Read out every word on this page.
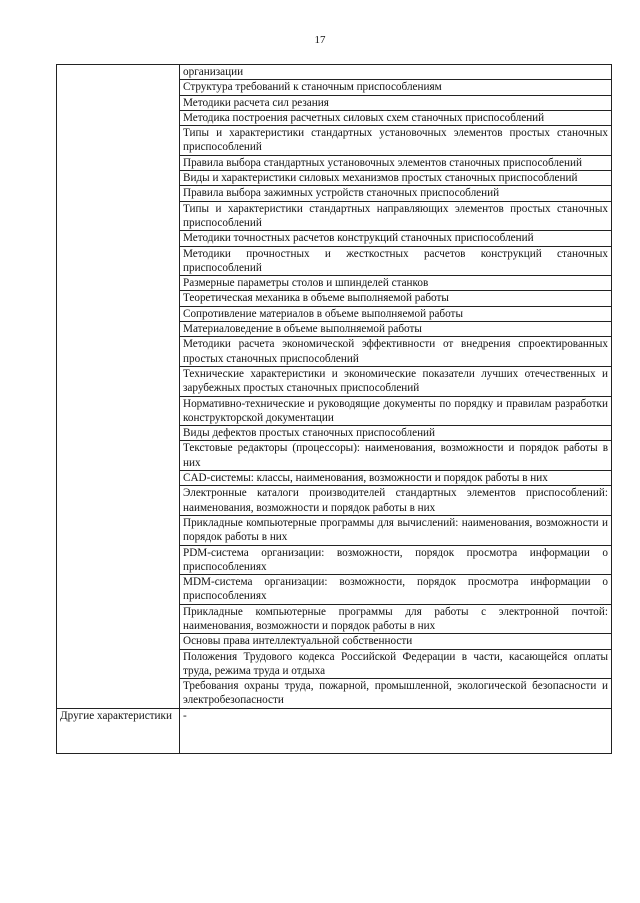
17
	организации
	Структура требований к станочным приспособлениям
	Методики расчета сил резания
	Методика построения расчетных силовых схем станочных приспособлений
	Типы и характеристики стандартных установочных элементов простых станочных приспособлений
	Правила выбора стандартных установочных элементов станочных приспособлений
	Виды и характеристики силовых механизмов простых станочных приспособлений
	Правила выбора зажимных устройств станочных приспособлений
	Типы и характеристики стандартных направляющих элементов простых станочных приспособлений
	Методики точностных расчетов конструкций станочных приспособлений
	Методики прочностных и жесткостных расчетов конструкций станочных приспособлений
	Размерные параметры столов и шпинделей станков
	Теоретическая механика в объеме выполняемой работы
	Сопротивление материалов в объеме выполняемой работы
	Материаловедение в объеме выполняемой работы
	Методики расчета экономической эффективности от внедрения спроектированных простых станочных приспособлений
	Технические характеристики и экономические показатели лучших отечественных и зарубежных простых станочных приспособлений
	Нормативно-технические и руководящие документы по порядку и правилам разработки конструкторской документации
	Виды дефектов простых станочных приспособлений
	Текстовые редакторы (процессоры): наименования, возможности и порядок работы в них
	CAD-системы: классы, наименования, возможности и порядок работы в них
	Электронные каталоги производителей стандартных элементов приспособлений: наименования, возможности и порядок работы в них
	Прикладные компьютерные программы для вычислений: наименования, возможности и порядок работы в них
	PDM-система организации: возможности, порядок просмотра информации о приспособлениях
	MDM-система организации: возможности, порядок просмотра информации о приспособлениях
	Прикладные компьютерные программы для работы с электронной почтой: наименования, возможности и порядок работы в них
	Основы права интеллектуальной собственности
	Положения Трудового кодекса Российской Федерации в части, касающейся оплаты труда, режима труда и отдыха
	Требования охраны труда, пожарной, промышленной, экологической безопасности и электробезопасности
Другие характеристики	-
